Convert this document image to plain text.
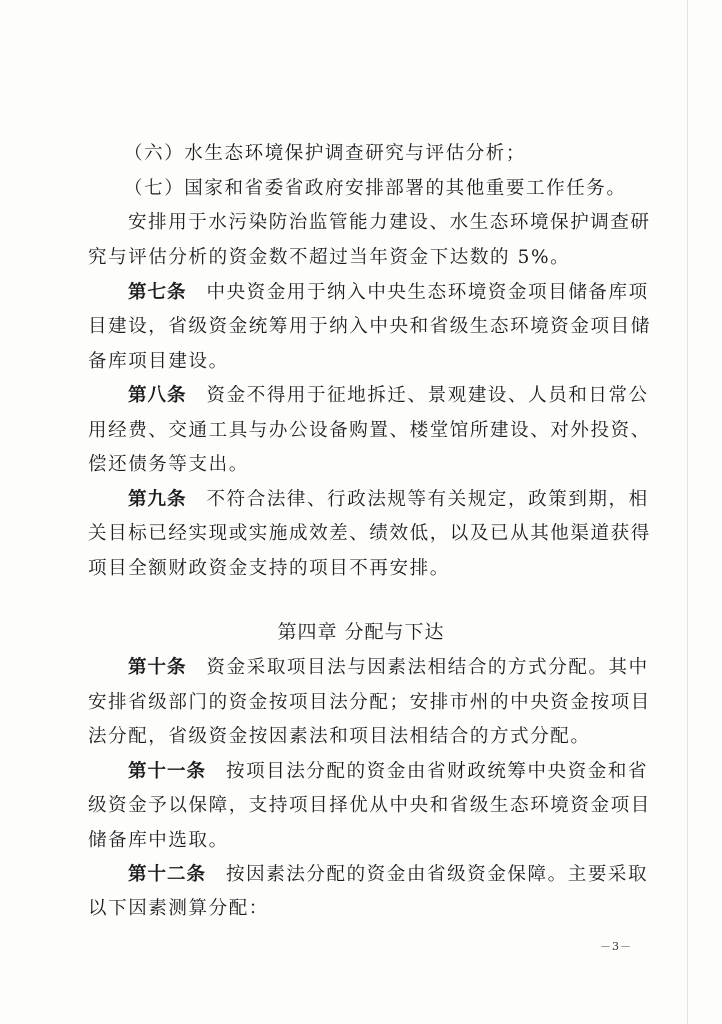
（六）水生态环境保护调查研究与评估分析；
（七）国家和省委省政府安排部署的其他重要工作任务。
安排用于水污染防治监管能力建设、水生态环境保护调查研
究与评估分析的资金数不超过当年资金下达数的 5%。
第七条 中央资金用于纳入中央生态环境资金项目储备库项
目建设，省级资金统筹用于纳入中央和省级生态环境资金项目储
备库项目建设。
第八条 资金不得用于征地拆迁、景观建设、人员和日常公
用经费、交通工具与办公设备购置、楼堂馆所建设、对外投资、
偿还债务等支出。
第九条 不符合法律、行政法规等有关规定，政策到期，相
关目标已经实现或实施成效差、绩效低，以及已从其他渠道获得
项目全额财政资金支持的项目不再安排。
第四章 分配与下达
第十条 资金采取项目法与因素法相结合的方式分配。其中
安排省级部门的资金按项目法分配；安排市州的中央资金按项目
法分配，省级资金按因素法和项目法相结合的方式分配。
第十一条 按项目法分配的资金由省财政统筹中央资金和省
级资金予以保障，支持项目择优从中央和省级生态环境资金项目
储备库中选取。
第十二条 按因素法分配的资金由省级资金保障。主要采取
以下因素测算分配：
－3－
